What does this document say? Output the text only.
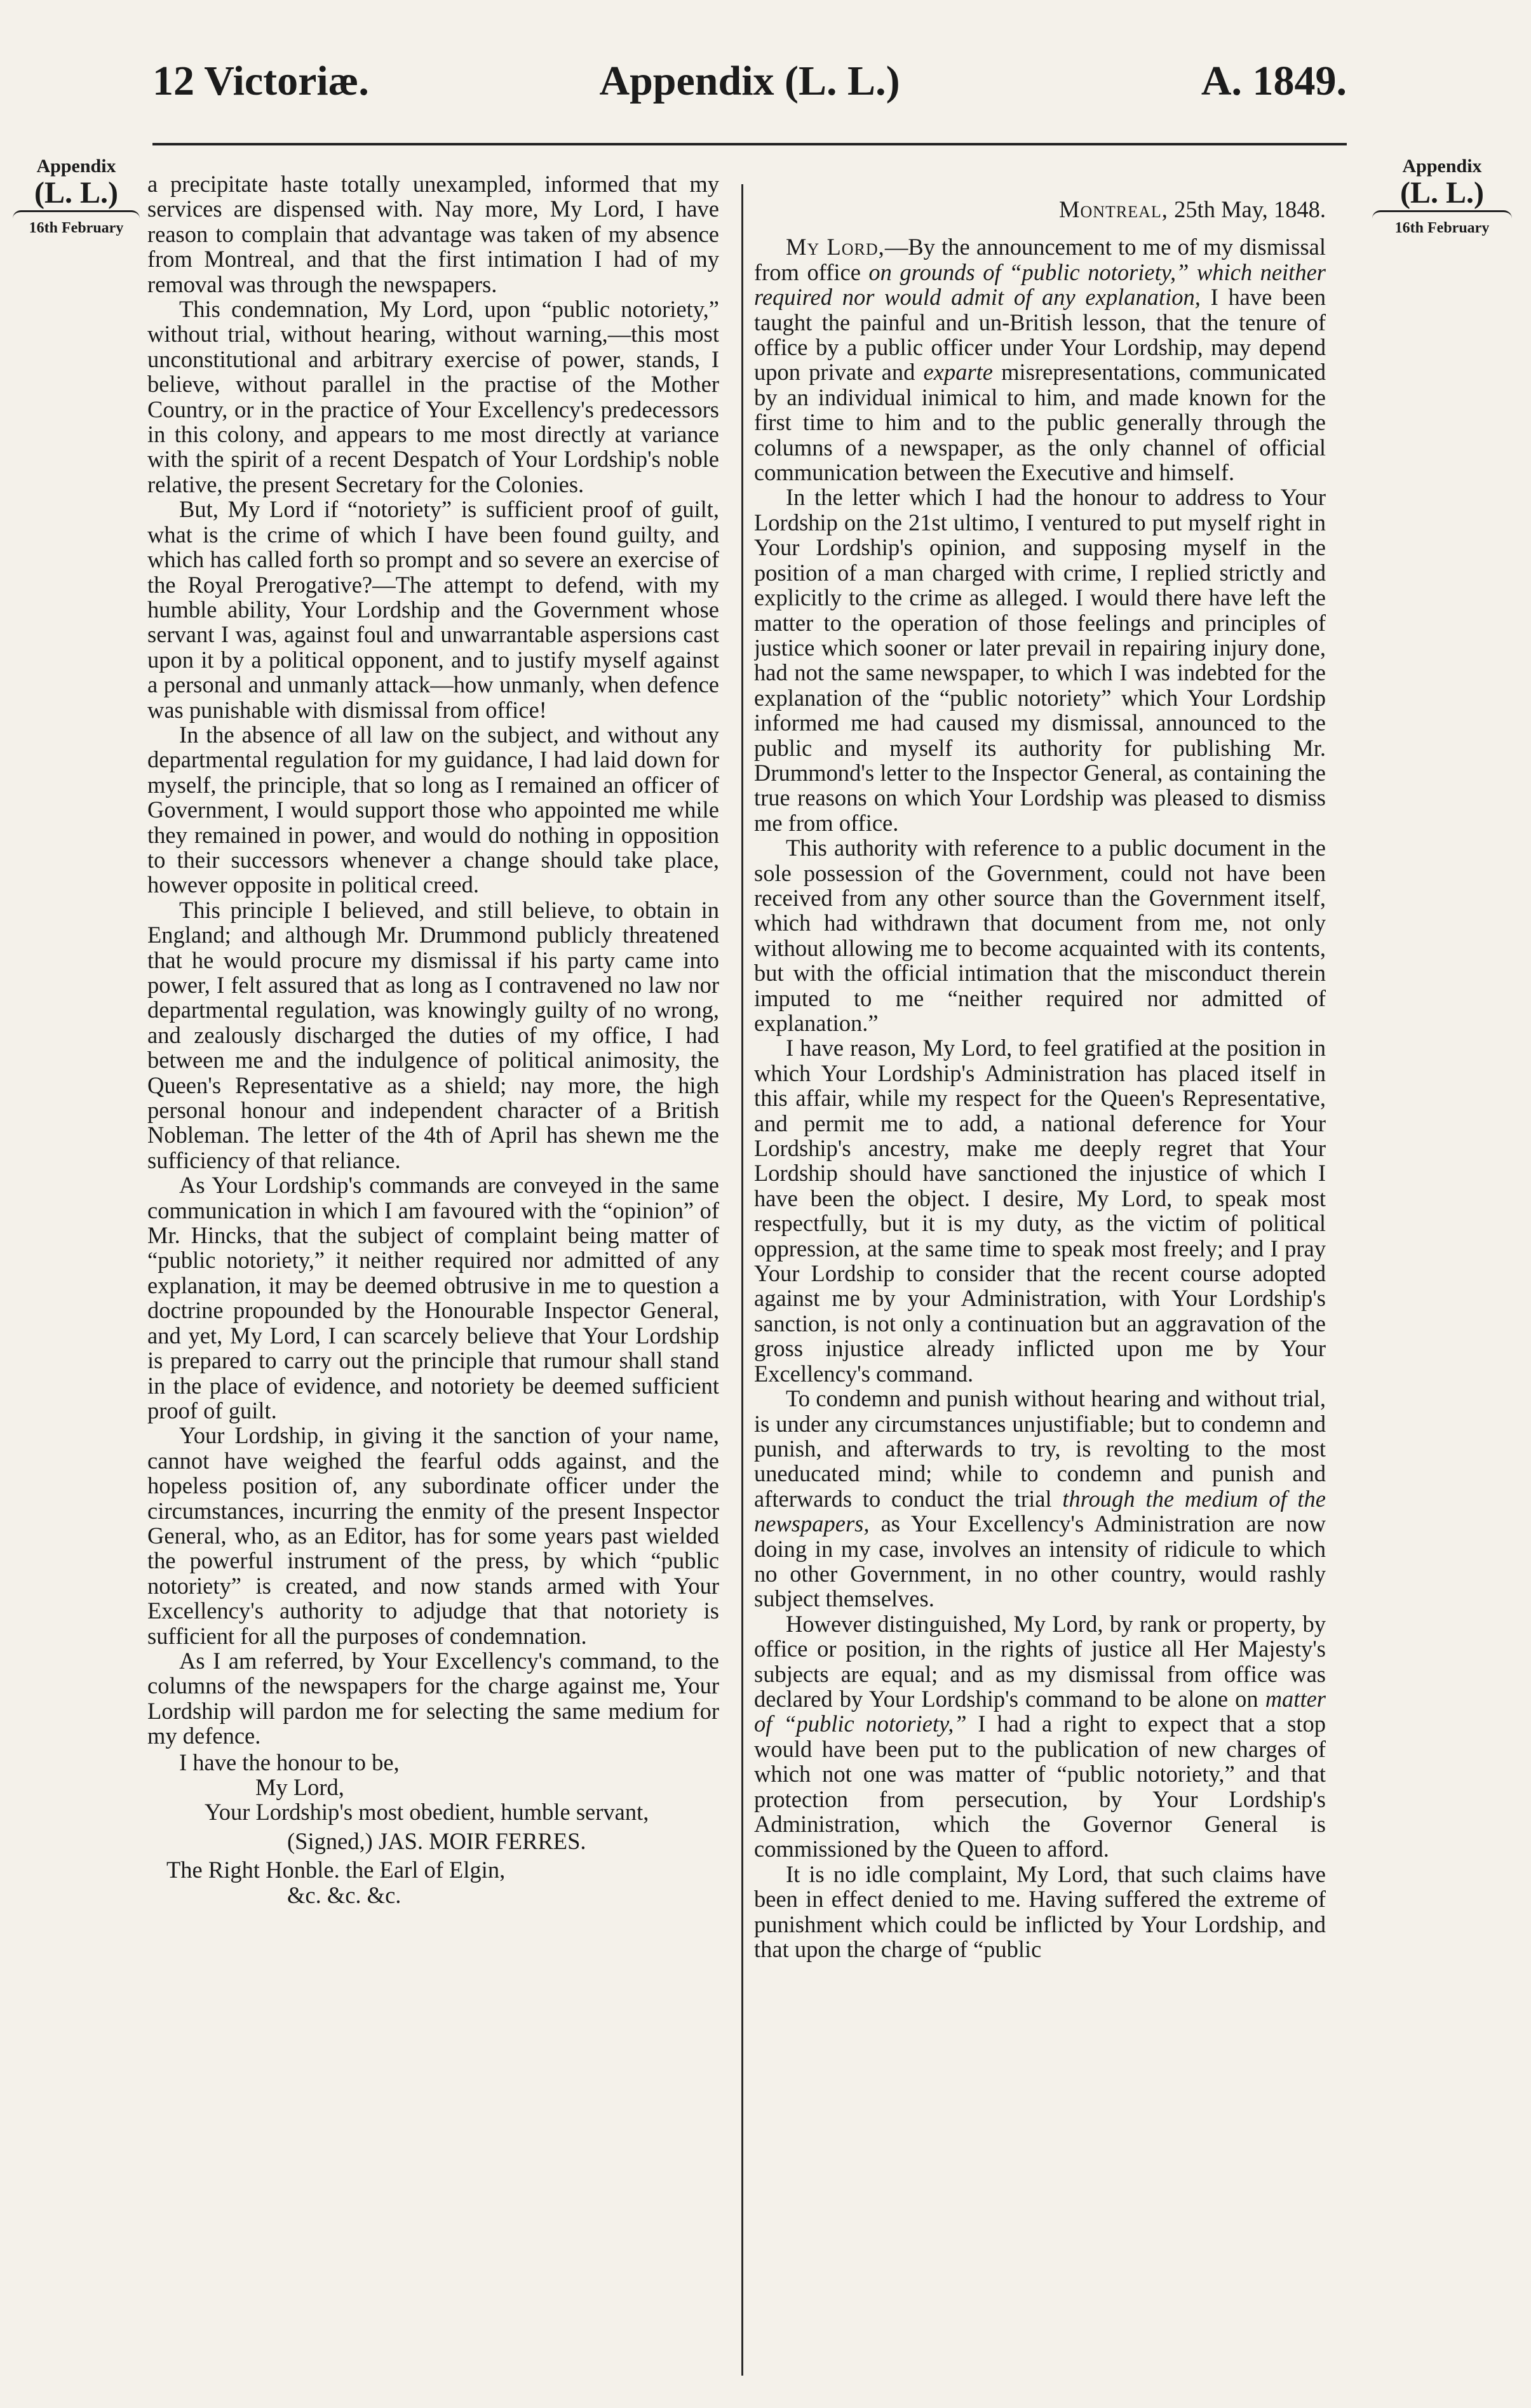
12 Victoriæ.	Appendix (L. L.)	A. 1849.
Appendix
(L. L.)
16th February
Appendix
(L. L.)
16th February

a precipitate haste totally unexampled, informed that my services are dispensed with. Nay more, My Lord, I have reason to complain that advantage was taken of my absence from Montreal, and that the first intimation I had of my removal was through the newspapers.

This condemnation, My Lord, upon “public notoriety,” without trial, without hearing, without warning,—this most unconstitutional and arbitrary exercise of power, stands, I believe, without parallel in the practise of the Mother Country, or in the practice of Your Excellency's predecessors in this colony, and appears to me most directly at variance with the spirit of a recent Despatch of Your Lordship's noble relative, the present Secretary for the Colonies.

But, My Lord if “notoriety” is sufficient proof of guilt, what is the crime of which I have been found guilty, and which has called forth so prompt and so severe an exercise of the Royal Prerogative?—The attempt to defend, with my humble ability, Your Lordship and the Government whose servant I was, against foul and unwarrantable aspersions cast upon it by a political opponent, and to justify myself against a personal and unmanly attack—how unmanly, when defence was punishable with dismissal from office!

In the absence of all law on the subject, and without any departmental regulation for my guidance, I had laid down for myself, the principle, that so long as I remained an officer of Government, I would support those who appointed me while they remained in power, and would do nothing in opposition to their successors whenever a change should take place, however opposite in political creed.

This principle I believed, and still believe, to obtain in England; and although Mr. Drummond publicly threatened that he would procure my dismissal if his party came into power, I felt assured that as long as I contravened no law nor departmental regulation, was knowingly guilty of no wrong, and zealously discharged the duties of my office, I had between me and the indulgence of political animosity, the Queen's Representative as a shield; nay more, the high personal honour and independent character of a British Nobleman. The letter of the 4th of April has shewn me the sufficiency of that reliance.

As Your Lordship's commands are conveyed in the same communication in which I am favoured with the “opinion” of Mr. Hincks, that the subject of complaint being matter of “public notoriety,” it neither required nor admitted of any explanation, it may be deemed obtrusive in me to question a doctrine propounded by the Honourable Inspector General, and yet, My Lord, I can scarcely believe that Your Lordship is prepared to carry out the principle that rumour shall stand in the place of evidence, and notoriety be deemed sufficient proof of guilt.

Your Lordship, in giving it the sanction of your name, cannot have weighed the fearful odds against, and the hopeless position of, any subordinate officer under the circumstances, incurring the enmity of the present Inspector General, who, as an Editor, has for some years past wielded the powerful instrument of the press, by which “public notoriety” is created, and now stands armed with Your Excellency's authority to adjudge that that notoriety is sufficient for all the purposes of condemnation.

As I am referred, by Your Excellency's command, to the columns of the newspapers for the charge against me, Your Lordship will pardon me for selecting the same medium for my defence.

I have the honour to be,

My Lord,

Your Lordship's most obedient, humble servant,

(Signed,) JAS. MOIR FERRES.

The Right Honble. the Earl of Elgin,

&c. &c. &c.

Montreal, 25th May, 1848.

My Lord,—By the announcement to me of my dismissal from office on grounds of “public notoriety,” which neither required nor would admit of any explanation, I have been taught the painful and un-British lesson, that the tenure of office by a public officer under Your Lordship, may depend upon private and exparte misrepresentations, communicated by an individual inimical to him, and made known for the first time to him and to the public generally through the columns of a newspaper, as the only channel of official communication between the Executive and himself.

In the letter which I had the honour to address to Your Lordship on the 21st ultimo, I ventured to put myself right in Your Lordship's opinion, and supposing myself in the position of a man charged with crime, I replied strictly and explicitly to the crime as alleged. I would there have left the matter to the operation of those feelings and principles of justice which sooner or later prevail in repairing injury done, had not the same newspaper, to which I was indebted for the explanation of the “public notoriety” which Your Lordship informed me had caused my dismissal, announced to the public and myself its authority for publishing Mr. Drummond's letter to the Inspector General, as containing the true reasons on which Your Lordship was pleased to dismiss me from office.

This authority with reference to a public document in the sole possession of the Government, could not have been received from any other source than the Government itself, which had withdrawn that document from me, not only without allowing me to become acquainted with its contents, but with the official intimation that the misconduct therein imputed to me “neither required nor admitted of explanation.”

I have reason, My Lord, to feel gratified at the position in which Your Lordship's Administration has placed itself in this affair, while my respect for the Queen's Representative, and permit me to add, a national deference for Your Lordship's ancestry, make me deeply regret that Your Lordship should have sanctioned the injustice of which I have been the object. I desire, My Lord, to speak most respectfully, but it is my duty, as the victim of political oppression, at the same time to speak most freely; and I pray Your Lordship to consider that the recent course adopted against me by your Administration, with Your Lordship's sanction, is not only a continuation but an aggravation of the gross injustice already inflicted upon me by Your Excellency's command.

To condemn and punish without hearing and without trial, is under any circumstances unjustifiable; but to condemn and punish, and afterwards to try, is revolting to the most uneducated mind; while to condemn and punish and afterwards to conduct the trial through the medium of the newspapers, as Your Excellency's Administration are now doing in my case, involves an intensity of ridicule to which no other Government, in no other country, would rashly subject themselves.

However distinguished, My Lord, by rank or property, by office or position, in the rights of justice all Her Majesty's subjects are equal; and as my dismissal from office was declared by Your Lordship's command to be alone on matter of “public notoriety,” I had a right to expect that a stop would have been put to the publication of new charges of which not one was matter of “public notoriety,” and that protection from persecution, by Your Lordship's Administration, which the Governor General is commissioned by the Queen to afford.

It is no idle complaint, My Lord, that such claims have been in effect denied to me. Having suffered the extreme of punishment which could be inflicted by Your Lordship, and that upon the charge of “public
